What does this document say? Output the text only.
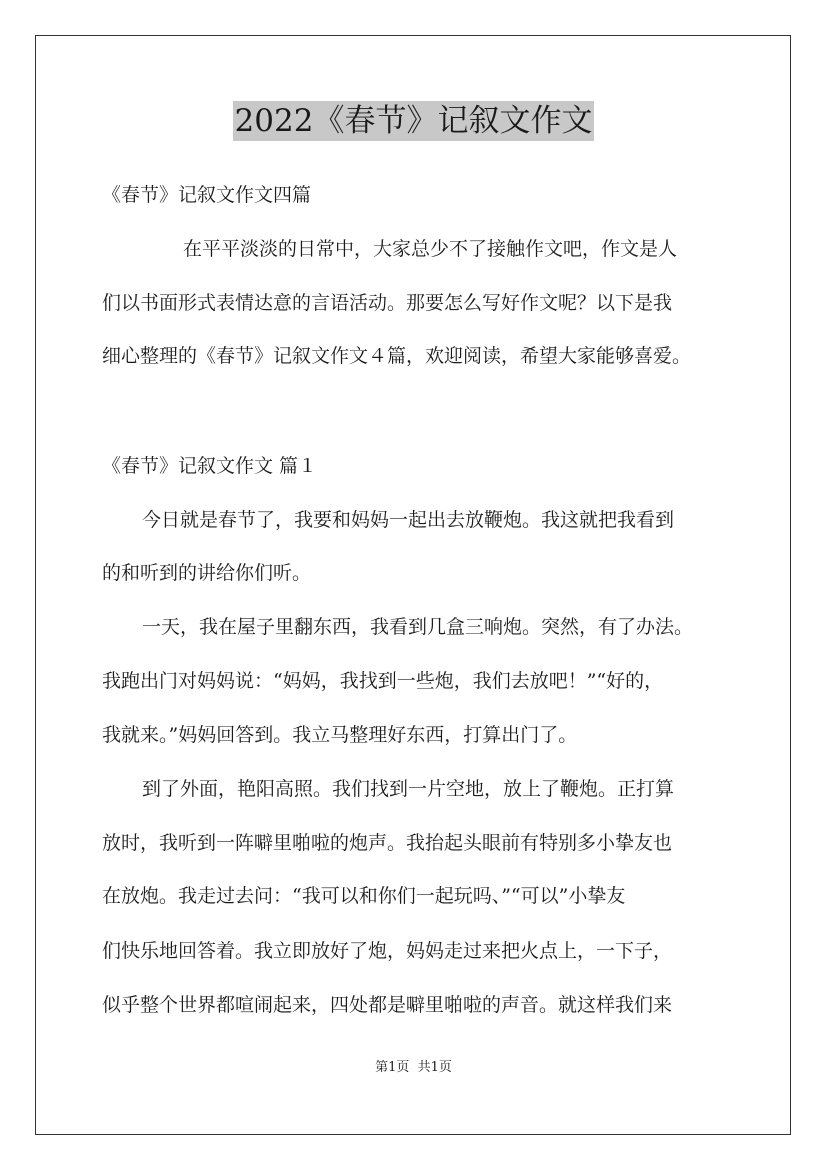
2022《春节》记叙文作文

《春节》记叙文作文四篇

在平平淡淡的日常中，大家总少不了接触作文吧，作文是人

们以书面形式表情达意的言语活动。那要怎么写好作文呢？以下是我

细心整理的《春节》记叙文作文４篇，欢迎阅读，希望大家能够喜爱。

《春节》记叙文作文 篇１

今日就是春节了，我要和妈妈一起出去放鞭炮。我这就把我看到

的和听到的讲给你们听。

一天，我在屋子里翻东西，我看到几盒三响炮。突然，有了办法。

我跑出门对妈妈说：“妈妈，我找到一些炮，我们去放吧！”“好的，

我就来。”妈妈回答到。我立马整理好东西，打算出门了。

到了外面，艳阳高照。我们找到一片空地，放上了鞭炮。正打算

放时，我听到一阵噼里啪啦的炮声。我抬起头眼前有特别多小挚友也

在放炮。我走过去问：“我可以和你们一起玩吗、”“可以”小挚友

们快乐地回答着。我立即放好了炮，妈妈走过来把火点上，一下子，

似乎整个世界都喧闹起来，四处都是噼里啪啦的声音。就这样我们来

第1页 共1页
